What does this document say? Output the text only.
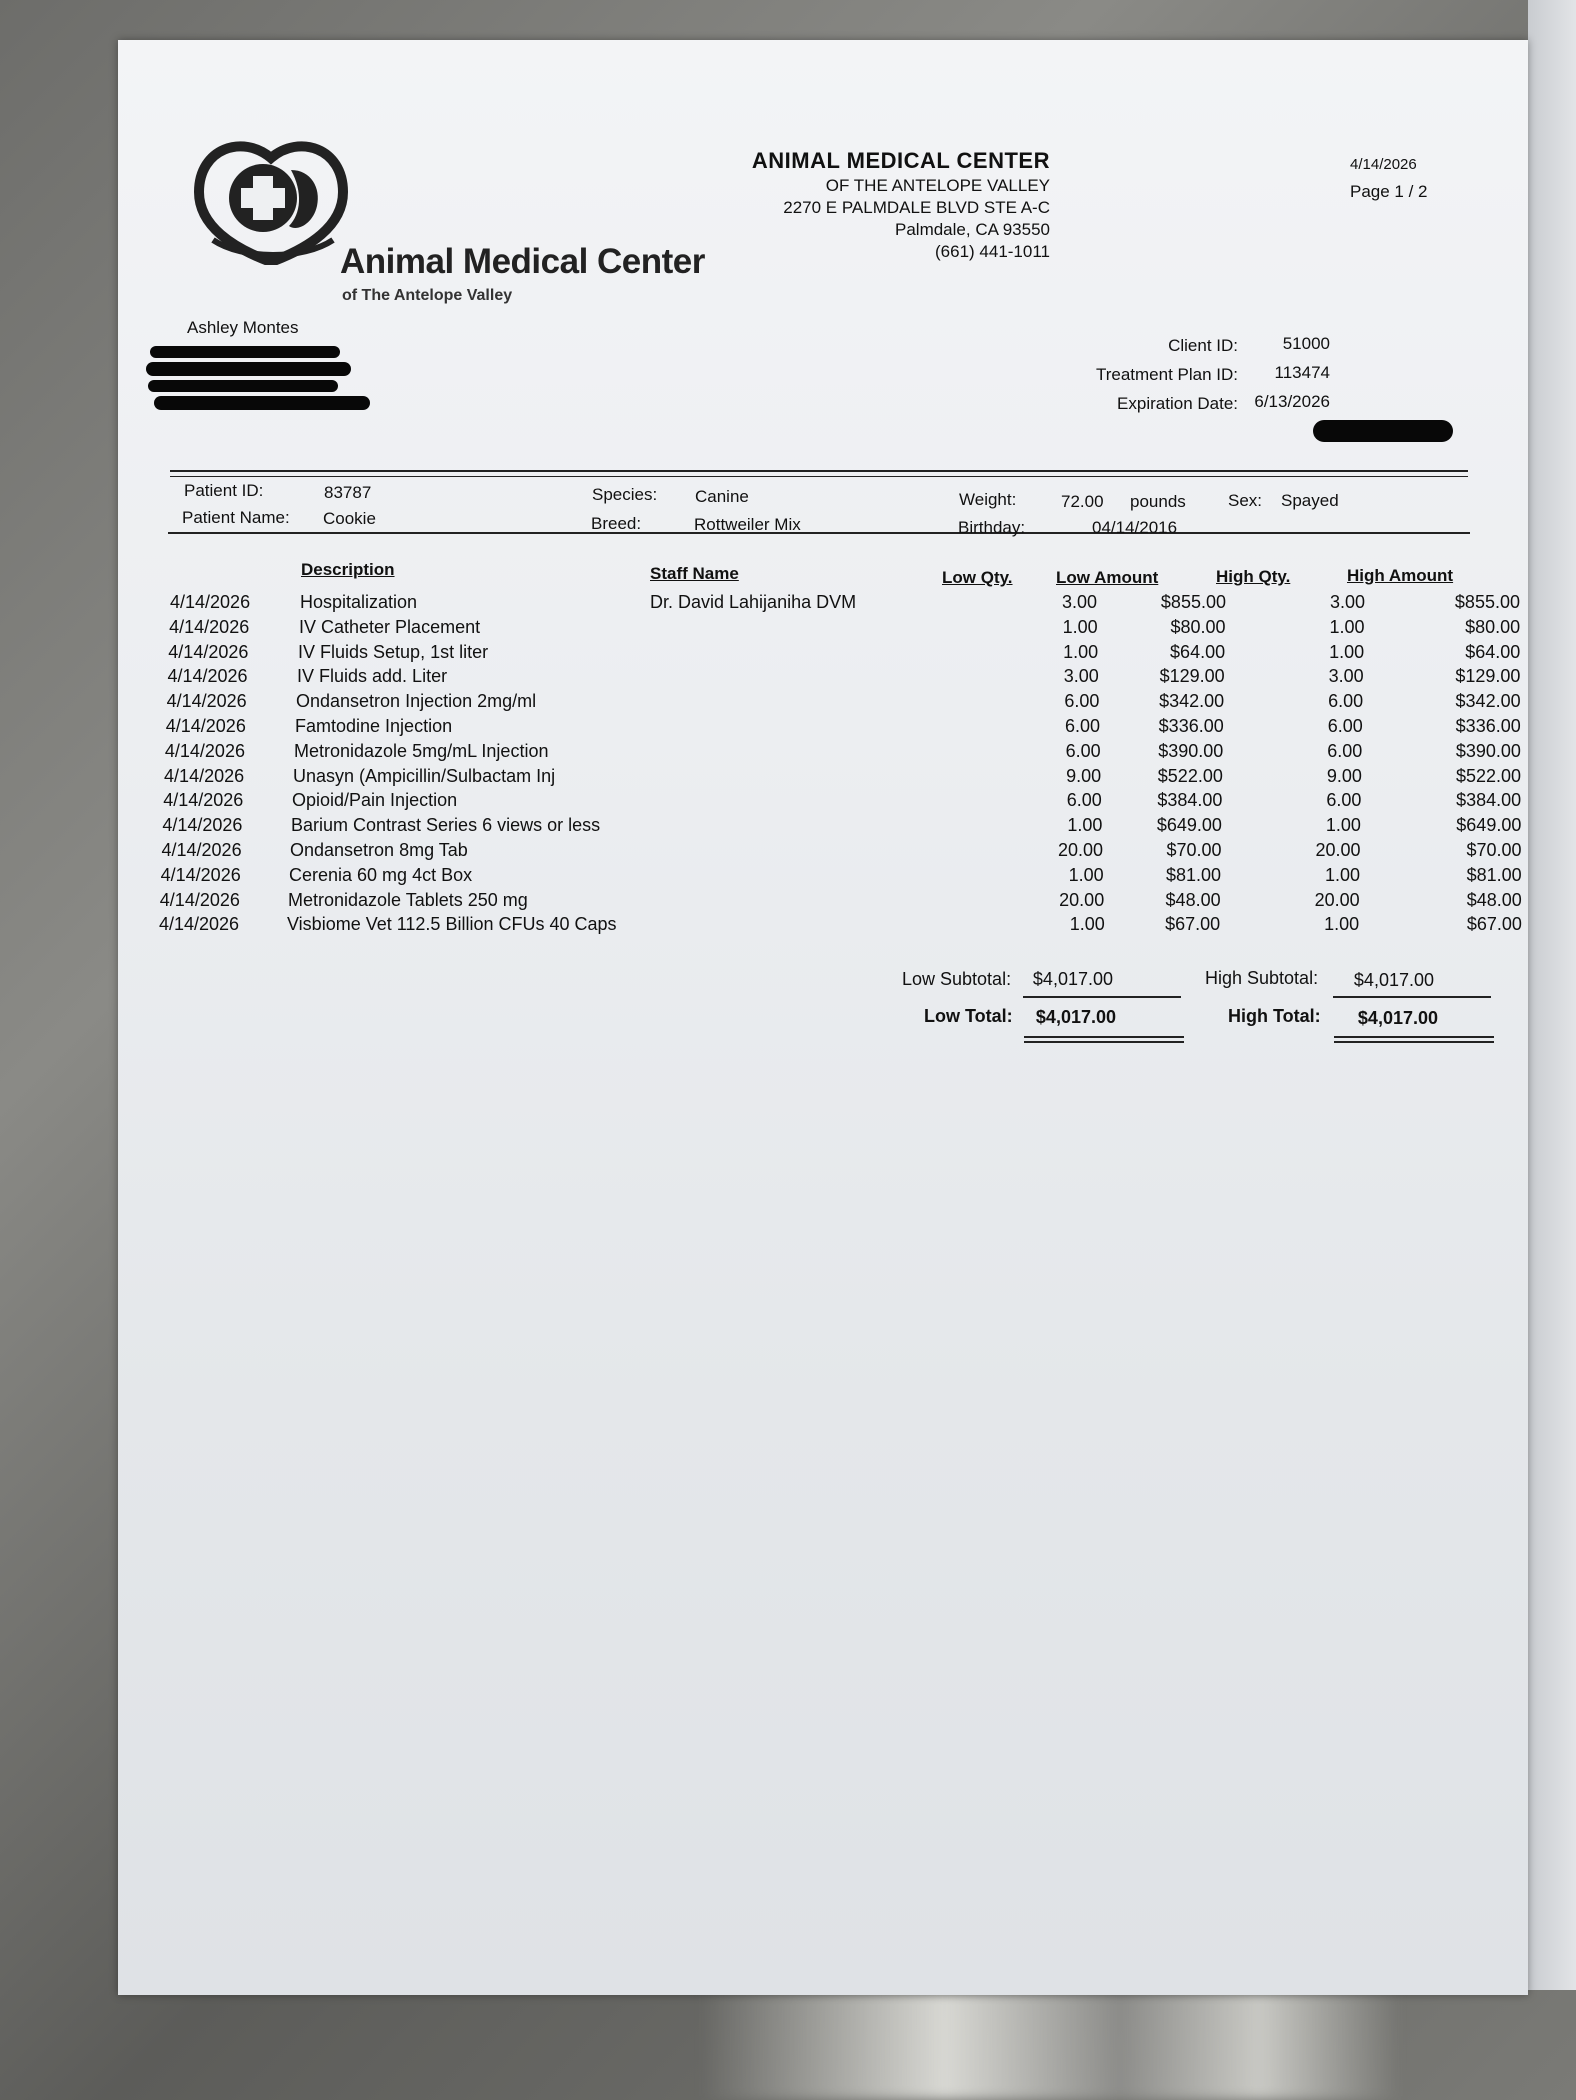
Animal Medical Center
of The Antelope Valley
ANIMAL MEDICAL CENTER
OF THE ANTELOPE VALLEY
2270 E PALMDALE BLVD STE A-C
Palmdale, CA 93550
(661) 441-1011
4/14/2026
Page 1 / 2
Ashley Montes
Client ID:	51000
Treatment Plan ID: 113474
Expiration Date: 6/13/2026
Patient ID:	83787
Patient Name: Cookie
Species: Canine
Breed:	Rottweiler Mix
Weight:	72.00 pounds
Birthday:	04/14/2016
Sex: Spayed
Description	Staff Name	Low Qty.	Low Amount	High Qty.	High Amount
4/14/2026	Hospitalization	Dr. David Lahijaniha DVM	3.00	$855.00	3.00	$855.00
4/14/2026	IV Catheter Placement	1.00	$80.00	1.00	$80.00
4/14/2026	IV Fluids Setup, 1st liter	1.00	$64.00	1.00	$64.00
4/14/2026	IV Fluids add. Liter	3.00	$129.00	3.00	$129.00
4/14/2026	Ondansetron Injection 2mg/ml	6.00	$342.00	6.00	$342.00
4/14/2026	Famtodine Injection	6.00	$336.00	6.00	$336.00
4/14/2026	Metronidazole 5mg/mL Injection	6.00	$390.00	6.00	$390.00
4/14/2026	Unasyn (Ampicillin/Sulbactam Inj	9.00	$522.00	9.00	$522.00
4/14/2026	Opioid/Pain Injection	6.00	$384.00	6.00	$384.00
4/14/2026	Barium Contrast Series 6 views or less	1.00	$649.00	1.00	$649.00
4/14/2026	Ondansetron 8mg Tab	20.00	$70.00	20.00	$70.00
4/14/2026	Cerenia 60 mg 4ct Box	1.00	$81.00	1.00	$81.00
4/14/2026	Metronidazole Tablets 250 mg	20.00	$48.00	20.00	$48.00
4/14/2026	Visbiome Vet 112.5 Billion CFUs 40 Caps	1.00	$67.00	1.00	$67.00
Low Subtotal: $4,017.00	High Subtotal: $4,017.00
Low Total: $4,017.00	High Total: $4,017.00
